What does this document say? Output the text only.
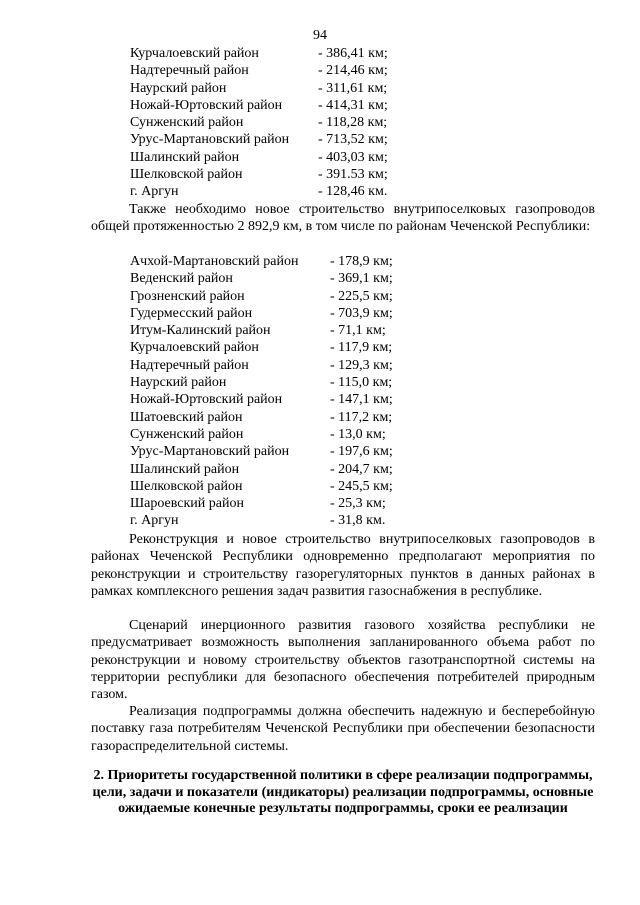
94
Курчалоевский район	- 386,41 км;
Надтеречный район	- 214,46 км;
Наурский район	- 311,61 км;
Ножай-Юртовский район	- 414,31 км;
Сунженский район	- 118,28 км;
Урус-Мартановский район - 713,52 км;
Шалинский район	- 403,03 км;
Шелковской район	- 391.53 км;
г. Аргун	- 128,46 км.

Также необходимо новое строительство внутрипоселковых газопроводов общей протяженностью 2 892,9 км, в том числе по районам Чеченской Республики:

Ачхой-Мартановский район - 178,9 км;
Веденский район	- 369,1 км;
Грозненский район	- 225,5 км;
Гудермесский район	- 703,9 км;
Итум-Калинский район	- 71,1 км;
Курчалоевский район	- 117,9 км;
Надтеречный район	- 129,3 км;
Наурский район	- 115,0 км;
Ножай-Юртовский район	- 147,1 км;
Шатоевский район	- 117,2 км;
Сунженский район	- 13,0 км;
Урус-Мартановский район	- 197,6 км;
Шалинский район	- 204,7 км;
Шелковской район	- 245,5 км;
Шароевский район	- 25,3 км;
г. Аргун	- 31,8 км.

Реконструкция и новое строительство внутрипоселковых газопроводов в районах Чеченской Республики одновременно предполагают мероприятия по реконструкции и строительству газорегуляторных пунктов в данных районах в рамках комплексного решения задач развития газоснабжения в республике.

Сценарий инерционного развития газового хозяйства республики не предусматривает возможность выполнения запланированного объема работ по реконструкции и новому строительству объектов газотранспортной системы на территории республики для безопасного обеспечения потребителей природным газом.

Реализация подпрограммы должна обеспечить надежную и бесперебойную поставку газа потребителям Чеченской Республики при обеспечении безопасности газораспределительной системы.

2. Приоритеты государственной политики в сфере реализации подпрограммы, цели, задачи и показатели (индикаторы) реализации подпрограммы, основные ожидаемые конечные результаты подпрограммы, сроки ее реализации
